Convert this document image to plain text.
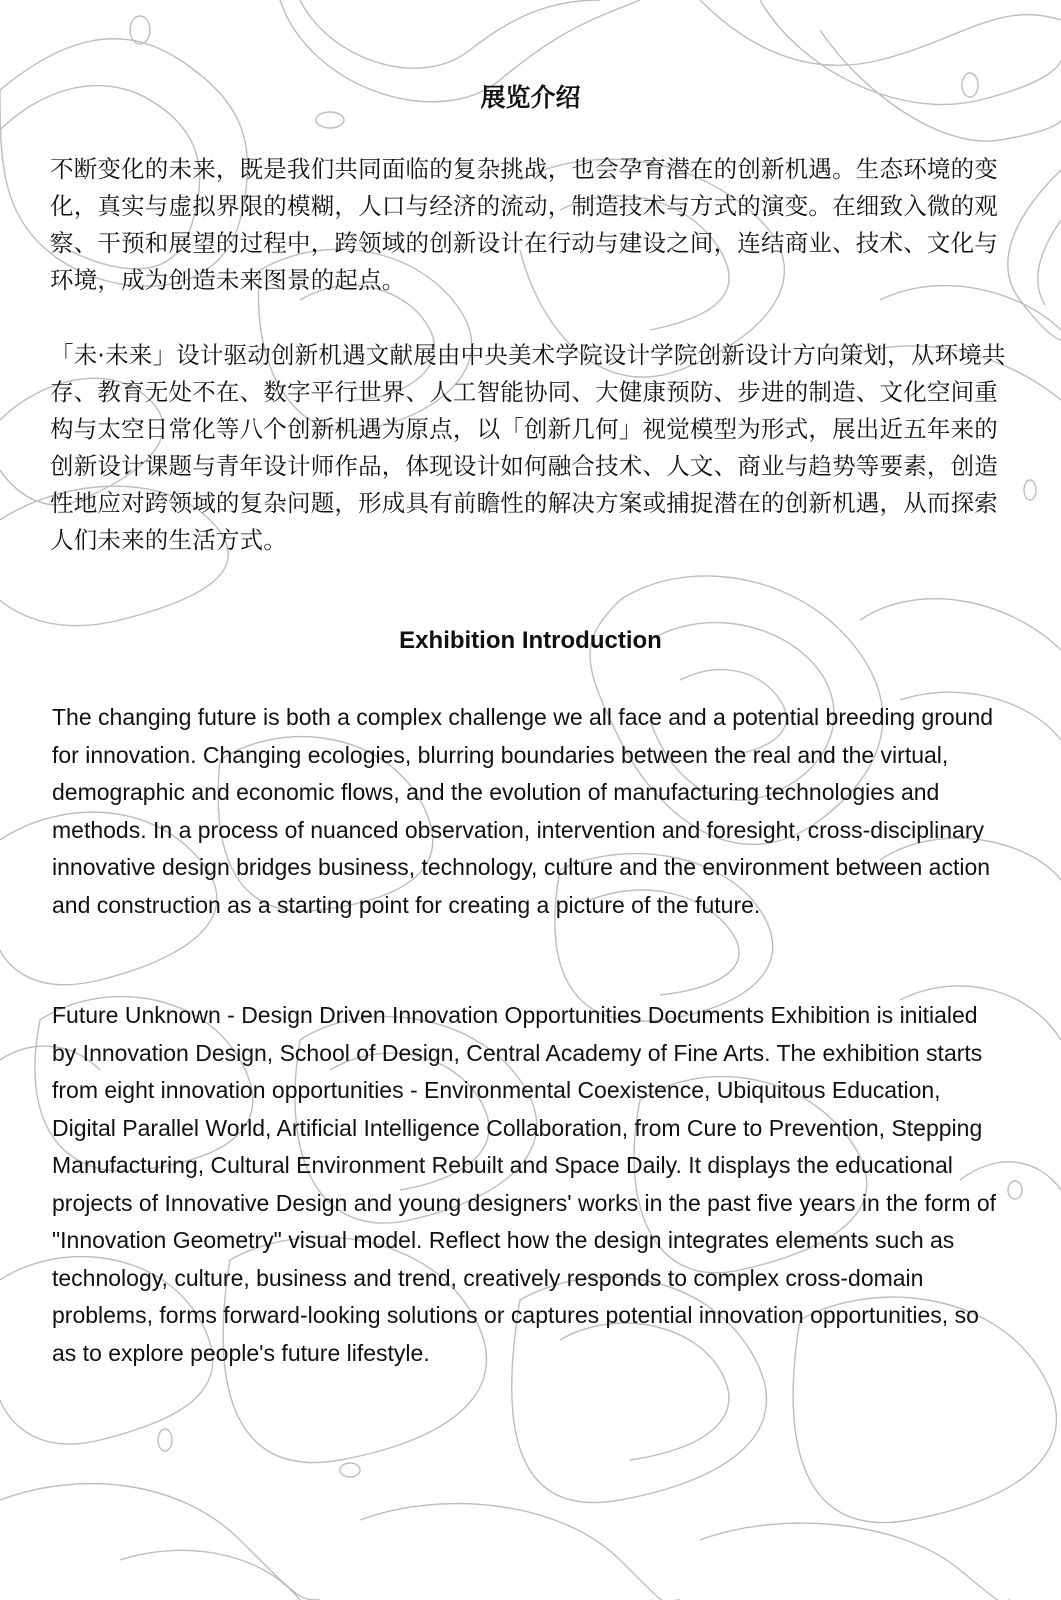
展览介绍

不断变化的未来，既是我们共同面临的复杂挑战，也会孕育潜在的创新机遇。生态环境的变化，真实与虚拟界限的模糊，人口与经济的流动，制造技术与方式的演变。在细致入微的观察、干预和展望的过程中，跨领域的创新设计在行动与建设之间，连结商业、技术、文化与环境，成为创造未来图景的起点。

「未·未来」设计驱动创新机遇文献展由中央美术学院设计学院创新设计方向策划，从环境共存、教育无处不在、数字平行世界、人工智能协同、大健康预防、步进的制造、文化空间重构与太空日常化等八个创新机遇为原点，以「创新几何」视觉模型为形式，展出近五年来的创新设计课题与青年设计师作品，体现设计如何融合技术、人文、商业与趋势等要素，创造性地应对跨领域的复杂问题，形成具有前瞻性的解决方案或捕捉潜在的创新机遇，从而探索人们未来的生活方式。

Exhibition Introduction

The changing future is both a complex challenge we all face and a potential breeding ground for innovation. Changing ecologies, blurring boundaries between the real and the virtual, demographic and economic flows, and the evolution of manufacturing technologies and methods. In a process of nuanced observation, intervention and foresight, cross-disciplinary innovative design bridges business, technology, culture and the environment between action and construction as a starting point for creating a picture of the future.

Future Unknown - Design Driven Innovation Opportunities Documents Exhibition is initialed by Innovation Design, School of Design, Central Academy of Fine Arts. The exhibition starts from eight innovation opportunities - Environmental Coexistence, Ubiquitous Education, Digital Parallel World, Artificial Intelligence Collaboration, from Cure to Prevention, Stepping Manufacturing, Cultural Environment Rebuilt and Space Daily. It displays the educational projects of Innovative Design and young designers' works in the past five years in the form of "Innovation Geometry" visual model. Reflect how the design integrates elements such as technology, culture, business and trend, creatively responds to complex cross-domain problems, forms forward-looking solutions or captures potential innovation opportunities, so as to explore people's future lifestyle.
